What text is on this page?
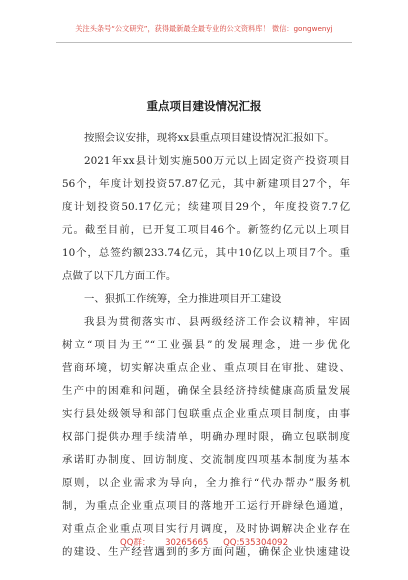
关注头条号“公文研究”，获得最新最全最专业的公文资料库！ 微信：gongwenyj
重点项目建设情况汇报
按照会议安排，现将xx县重点项目建设情况汇报如下。
2021年xx县计划实施500万元以上固定资产投资项目
56个，年度计划投资57.87亿元，其中新建项目27个，年
度计划投资50.17亿元；续建项目29个，年度投资7.7亿
元。截至目前，已开复工项目46个。新签约亿元以上项目
10个，总签约额233.74亿元，其中10亿以上项目7个。重
点做了以下几方面工作。
一、狠抓工作统筹，全力推进项目开工建设
我县为贯彻落实市、县两级经济工作会议精神，牢固
树立“项目为王”“工业强县”的发展理念，进一步优化
营商环境，切实解决重点企业、重点项目在审批、建设、
生产中的困难和问题，确保全县经济持续健康高质量发展
实行县处级领导和部门包联重点企业重点项目制度，由事
权部门提供办理手续清单，明确办理时限，确立包联制度
承诺盯办制度、回访制度、交流制度四项基本制度为基本
原则，以企业需求为导向，全力推行“代办帮办”服务机
制，为重点企业重点项目的落地开工运行开辟绿色通道，
对重点企业重点项目实行月调度，及时协调解决企业存在
的建设、生产经营遇到的多方面问题，确保企业快速建设
QQ群： 30265665 QQ:535304092
